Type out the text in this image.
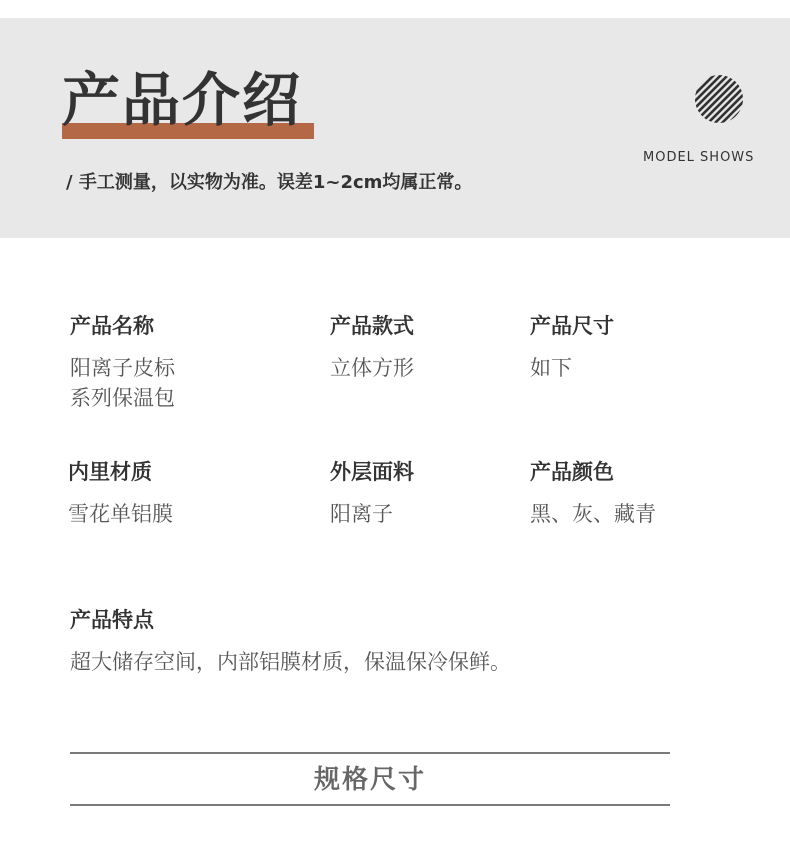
产品介绍
/ 手工测量，以实物为准。误差1~2cm均属正常。
MODEL SHOWS

产品名称

阳离子皮标

系列保温包

产品款式

立体方形

产品尺寸

如下

内里材质

雪花单铝膜

外层面料

阳离子

产品颜色

黑、灰、藏青

产品特点

超大储存空间，内部铝膜材质，保温保冷保鲜。

规格尺寸
